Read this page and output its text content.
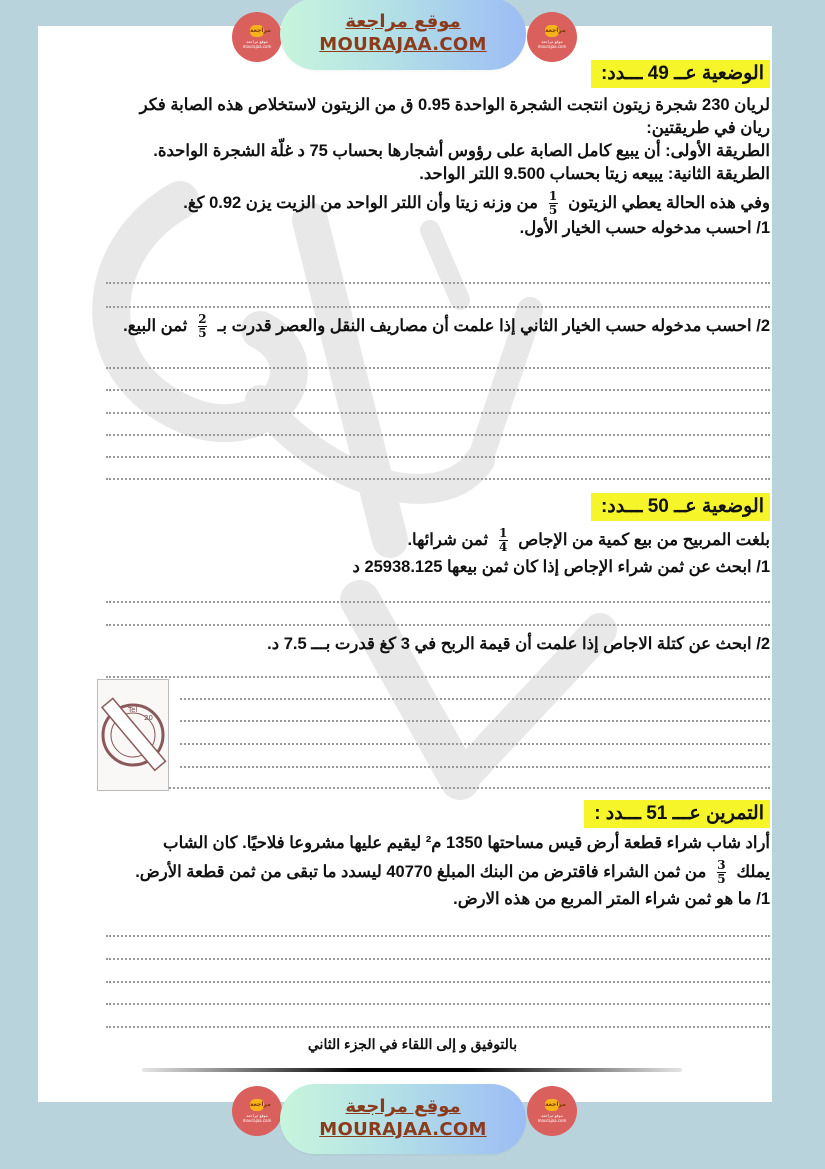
مراجعة
موقع مراجعة
mourajaa.com
موقع مراجعة
MOURAJAA.COM
مراجعة
موقع مراجعة
mourajaa.com
الوضعية عــ 49 ـــدد:
لريان 230 شجرة زيتون انتجت الشجرة الواحدة 0.95 ق من الزيتون لاستخلاص هذه الصابة فكر
ريان في طريقتين:
الطريقة الأولى: أن يبيع كامل الصابة على رؤوس أشجارها بحساب 75 د غلّة الشجرة الواحدة.
الطريقة الثانية: يبيعه زيتا بحساب 9.500 اللتر الواحد.
وفي هذه الحالة يعطي الزيتون
$\frac{1}{5}$
من وزنه زيتا وأن اللتر الواحد من الزيت يزن 0.92 كغ.
1/ احسب مدخوله حسب الخيار الأول.
2/ احسب مدخوله حسب الخيار الثاني إذا علمت أن مصاريف النقل والعصر قدرت بـ
$\frac{2}{5}$
ثمن البيع.
الوضعية عــ 50 ـــدد:
بلغت المربيح من بيع كمية من الإجاص
$\frac{1}{4}$
ثمن شرائها.
1/ ابحث عن ثمن شراء الإجاص إذا كان ثمن بيعها 25938.125 د
2/ ابحث عن كتلة الاجاص إذا علمت أن قيمة الربح في 3 كغ قدرت بـــ 7.5 د.
Tel
20
التمرين عـــ 51 ـــدد :
أراد شاب شراء قطعة أرض قيس مساحتها 1350 م² ليقيم عليها مشروعا فلاحيًا. كان الشاب
يملك
$\frac{3}{5}$
من ثمن الشراء فاقترض من البنك المبلغ 40770 ليسدد ما تبقى من ثمن قطعة الأرض.
1/ ما هو ثمن شراء المتر المربع من هذه الارض.
بالتوفيق و إلى اللقاء في الجزء الثاني
مراجعة
موقع مراجعة
mourajaa.com
موقع مراجعة
MOURAJAA.COM
مراجعة
موقع مراجعة
mourajaa.com
